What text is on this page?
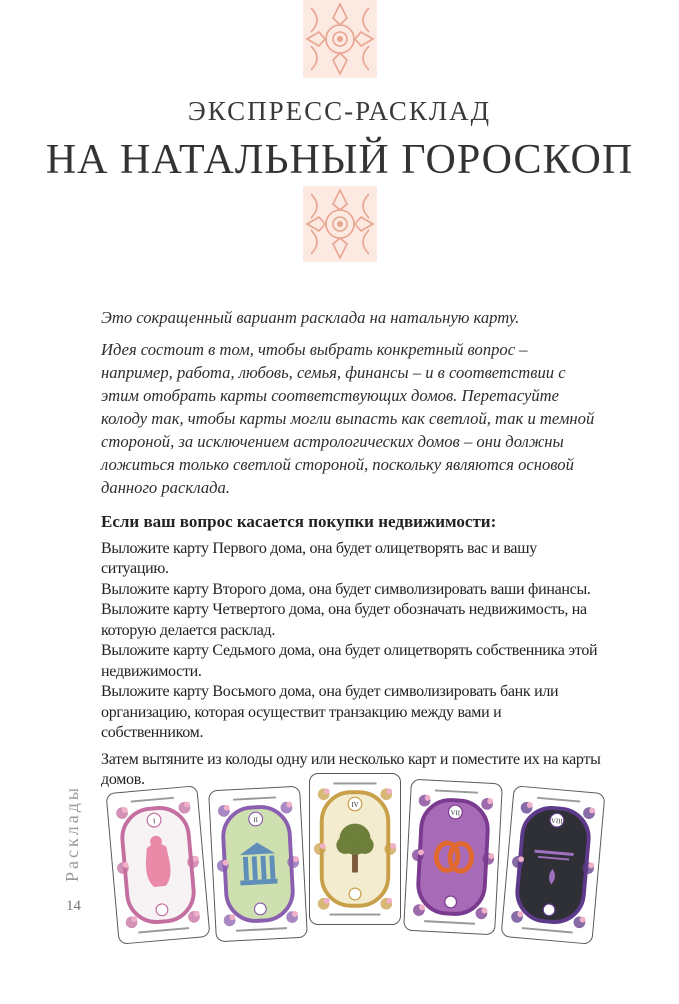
ЭКСПРЕСС-РАСКЛАД
НА НАТАЛЬНЫЙ ГОРОСКОП

Это сокращенный вариант расклада на натальную карту.

Идея состоит в том, чтобы выбрать конкретный вопрос – например, работа, любовь, семья, финансы – и в соответствии с этим отобрать карты соответствующих домов. Перетасуйте колоду так, чтобы карты могли выпасть как светлой, так и темной стороной, за исключением астрологических домов – они должны ложиться только светлой стороной, поскольку являются основой данного расклада.

Если ваш вопрос касается покупки недвижимости:

Выложите карту Первого дома, она будет олицетворять вас и вашу ситуацию.

Выложите карту Второго дома, она будет символизировать ваши финансы.

Выложите карту Четвертого дома, она будет обозначать недвижимость, на которую делается расклад.

Выложите карту Седьмого дома, она будет олицетворять собственника этой недвижимости.

Выложите карту Восьмого дома, она будет символизировать банк или организацию, которая осуществит транзакцию между вами и собственником.

Затем вытяните из колоды одну или несколько карт и поместите их на карты домов.

Расклады
14
I	II
IV
VII
VIII
